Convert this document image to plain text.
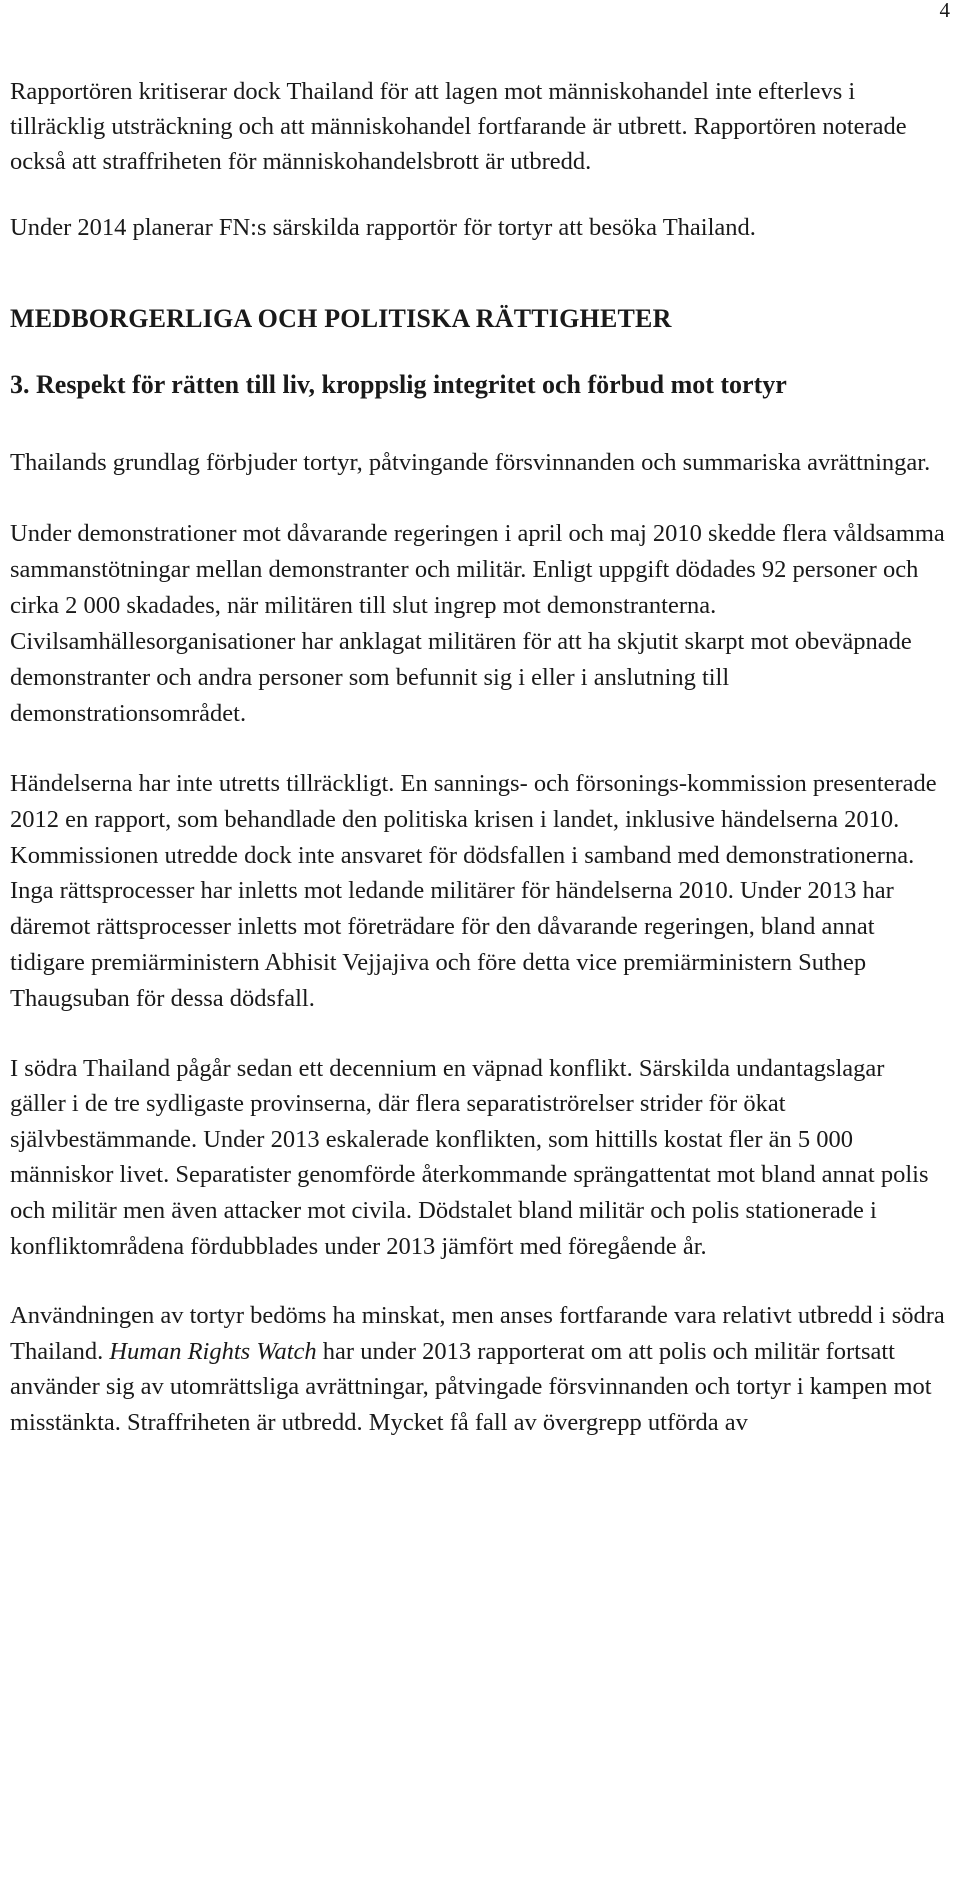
4

Rapportören kritiserar dock Thailand för att lagen mot människohandel inte efterlevs i tillräcklig utsträckning och att människohandel fortfarande är utbrett. Rapportören noterade också att straffriheten för människohandelsbrott är utbredd.

Under 2014 planerar FN:s särskilda rapportör för tortyr att besöka Thailand.

MEDBORGERLIGA OCH POLITISKA RÄTTIGHETER
3. Respekt för rätten till liv, kroppslig integritet och förbud mot tortyr

Thailands grundlag förbjuder tortyr, påtvingande försvinnanden och summariska avrättningar.

Under demonstrationer mot dåvarande regeringen i april och maj 2010 skedde flera våldsamma sammanstötningar mellan demonstranter och militär. Enligt uppgift dödades 92 personer och cirka 2 000 skadades, när militären till slut ingrep mot demonstranterna. Civilsamhällesorganisationer har anklagat militären för att ha skjutit skarpt mot obeväpnade demonstranter och andra personer som befunnit sig i eller i anslutning till demonstrationsområdet.

Händelserna har inte utretts tillräckligt. En sannings- och försonings-kommission presenterade 2012 en rapport, som behandlade den politiska krisen i landet, inklusive händelserna 2010. Kommissionen utredde dock inte ansvaret för dödsfallen i samband med demonstrationerna. Inga rättsprocesser har inletts mot ledande militärer för händelserna 2010. Under 2013 har däremot rättsprocesser inletts mot företrädare för den dåvarande regeringen, bland annat tidigare premiärministern Abhisit Vejjajiva och före detta vice premiärministern Suthep Thaugsuban för dessa dödsfall.

I södra Thailand pågår sedan ett decennium en väpnad konflikt. Särskilda undantagslagar gäller i de tre sydligaste provinserna, där flera separatiströrelser strider för ökat självbestämmande. Under 2013 eskalerade konflikten, som hittills kostat fler än 5 000 människor livet. Separatister genomförde återkommande sprängattentat mot bland annat polis och militär men även attacker mot civila. Dödstalet bland militär och polis stationerade i konfliktområdena fördubblades under 2013 jämfört med föregående år.

Användningen av tortyr bedöms ha minskat, men anses fortfarande vara relativt utbredd i södra Thailand. Human Rights Watch har under 2013 rapporterat om att polis och militär fortsatt använder sig av utomrättsliga avrättningar, påtvingade försvinnanden och tortyr i kampen mot misstänkta. Straffriheten är utbredd. Mycket få fall av övergrepp utförda av
